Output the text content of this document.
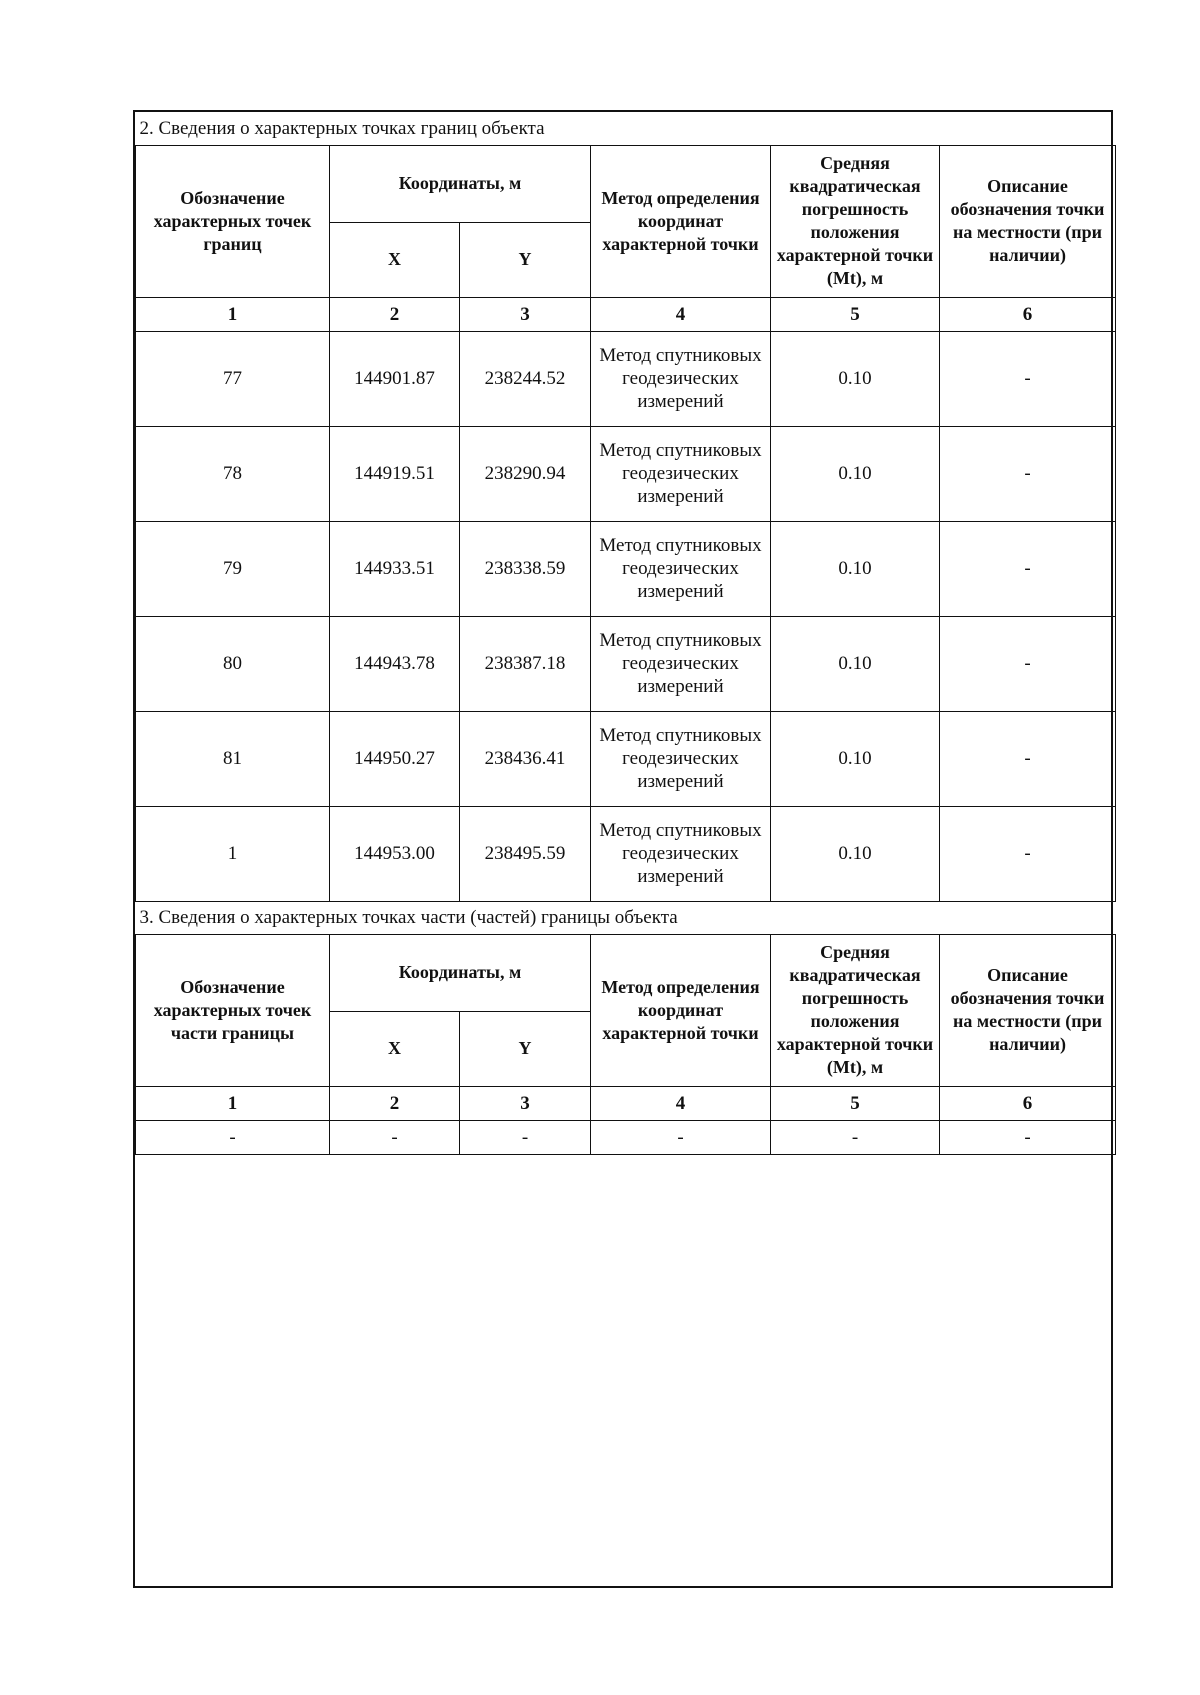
2. Сведения о характерных точках границ объекта					
Обозначение характерных точек границ	Координаты, м		Метод определения координат характерной точки	Средняя квадратическая погрешность положения характерной точки (Mt), м	Описание обозначения точки на местности (при наличии)
	X	Y			
1	2	3	4	5	6
77	144901.87	238244.52	Метод спутниковых геодезических измерений	0.10	-
78	144919.51	238290.94	Метод спутниковых геодезических измерений	0.10	-
79	144933.51	238338.59	Метод спутниковых геодезических измерений	0.10	-
80	144943.78	238387.18	Метод спутниковых геодезических измерений	0.10	-
81	144950.27	238436.41	Метод спутниковых геодезических измерений	0.10	-
1	144953.00	238495.59	Метод спутниковых геодезических измерений	0.10	-
3. Сведения о характерных точках части (частей) границы объекта					
Обозначение характерных точек части границы	Координаты, м		Метод определения координат характерной точки	Средняя квадратическая погрешность положения характерной точки (Mt), м	Описание обозначения точки на местности (при наличии)
	X	Y			
1	2	3	4	5	6
-	-	-	-	-	-
